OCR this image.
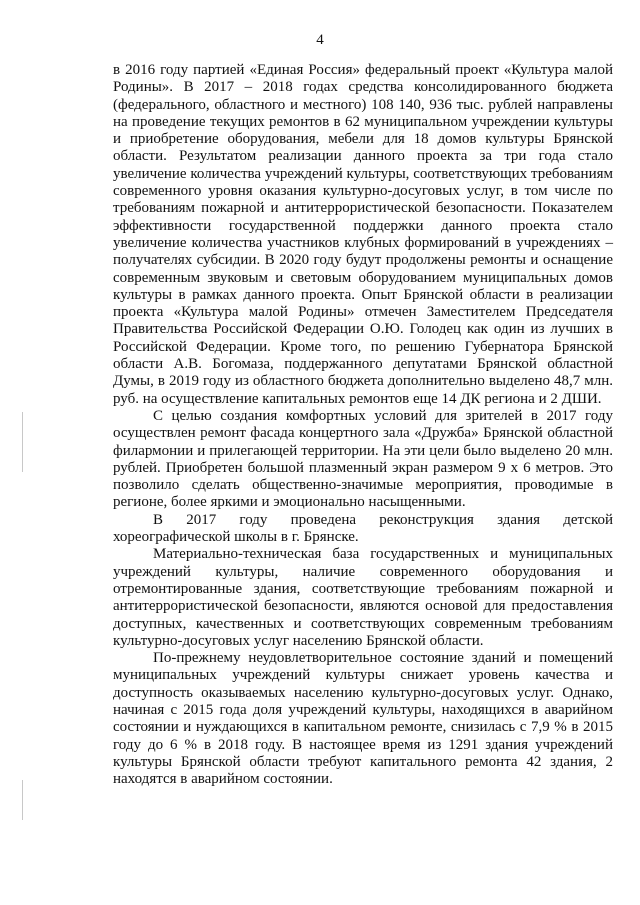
4

в 2016 году партией «Единая Россия» федеральный проект «Культура малой Родины». В 2017 – 2018 годах средства консолидированного бюджета (федерального, областного и местного) 108 140, 936 тыс. рублей направлены на проведение текущих ремонтов в 62 муниципальном учреждении культуры и приобретение оборудования, мебели для 18 домов культуры Брянской области. Результатом реализации данного проекта за три года стало увеличение количества учреждений культуры, соответствующих требованиям современного уровня оказания культурно-досуговых услуг, в том числе по требованиям пожарной и антитеррористической безопасности. Показателем эффективности государственной поддержки данного проекта стало увеличение количества участников клубных формирований в учреждениях – получателях субсидии. В 2020 году будут продолжены ремонты и оснащение современным звуковым и световым оборудованием муниципальных домов культуры в рамках данного проекта. Опыт Брянской области в реализации проекта «Культура малой Родины» отмечен Заместителем Председателя Правительства Российской Федерации О.Ю. Голодец как один из лучших в Российской Федерации. Кроме того, по решению Губернатора Брянской области А.В. Богомаза, поддержанного депутатами Брянской областной Думы, в 2019 году из областного бюджета дополнительно выделено 48,7 млн. руб. на осуществление капитальных ремонтов еще 14 ДК региона и 2 ДШИ.

С целью создания комфортных условий для зрителей в 2017 году осуществлен ремонт фасада концертного зала «Дружба» Брянской областной филармонии и прилегающей территории. На эти цели было выделено 20 млн. рублей. Приобретен большой плазменный экран размером 9 х 6 метров. Это позволило сделать общественно-значимые мероприятия, проводимые в регионе, более яркими и эмоционально насыщенными.

В 2017 году проведена реконструкция здания детской хореографической школы в г. Брянске.

Материально-техническая база государственных и муниципальных учреждений культуры, наличие современного оборудования и отремонтированные здания, соответствующие требованиям пожарной и антитеррористической безопасности, являются основой для предоставления доступных, качественных и соответствующих современным требованиям культурно-досуговых услуг населению Брянской области.

По-прежнему неудовлетворительное состояние зданий и помещений муниципальных учреждений культуры снижает уровень качества и доступность оказываемых населению культурно-досуговых услуг. Однако, начиная с 2015 года доля учреждений культуры, находящихся в аварийном состоянии и нуждающихся в капитальном ремонте, снизилась с 7,9 % в 2015 году до 6 % в 2018 году. В настоящее время из 1291 здания учреждений культуры Брянской области требуют капитального ремонта 42 здания, 2 находятся в аварийном состоянии.
